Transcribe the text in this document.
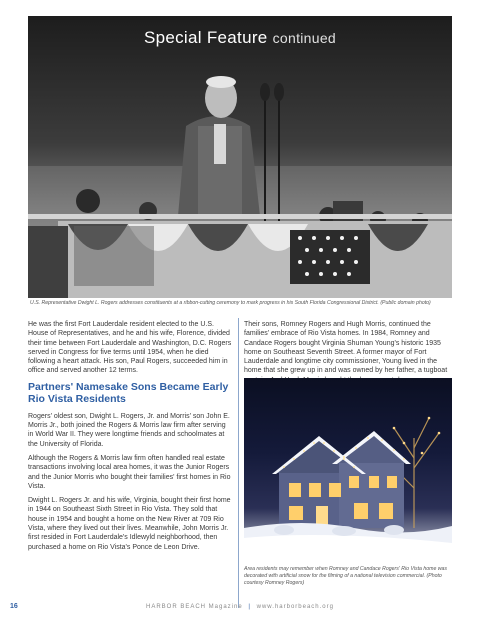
Special Feature continued
U.S. Representative Dwight L. Rogers addresses constituents at a ribbon-cutting ceremony to mark progress in his South Florida Congressional District. (Public domain photo)

He was the first Fort Lauderdale resident elected to the U.S. House of Representatives, and he and his wife, Florence, divided their time between Fort Lauderdale and Washington, D.C. Rogers served in Congress for five terms until 1954, when he died following a heart attack. His son, Paul Rogers, succeeded him in office and served another 12 terms.

Partners' Namesake Sons Became Early Rio Vista Residents

Rogers' oldest son, Dwight L. Rogers, Jr. and Morris' son John E. Morris Jr., both joined the Rogers & Morris law firm after serving in World War II. They were longtime friends and schoolmates at the University of Florida.

Although the Rogers & Morris law firm often handled real estate transactions involving local area homes, it was the Junior Rogers and the Junior Morris who bought their families' first homes in Rio Vista.

Dwight L. Rogers Jr. and his wife, Virginia, bought their first home in 1944 on Southeast Sixth Street in Rio Vista. They sold that house in 1954 and bought a home on the New River at 709 Rio Vista, where they lived out their lives. Meanwhile, John Morris Jr. first resided in Fort Lauderdale's Idlewyld neighborhood, then purchased a home on Rio Vista's Ponce de Leon Drive.

Their sons, Romney Rogers and Hugh Morris, continued the families' embrace of Rio Vista homes. In 1984, Romney and Candace Rogers bought Virginia Shuman Young's historic 1935 home on Southeast Seventh Street. A former mayor of Fort Lauderdale and longtime city commissioner, Young lived in the home that she grew up in and was owned by her father, a tugboat

Area residents may remember when Romney and Candace Rogers' Rio Vista home was decorated with artificial snow for the filming of a national television commercial. (Photo courtesy Romney Rogers)
16	HARBOR BEACH Magazine | www.harborbeach.org
